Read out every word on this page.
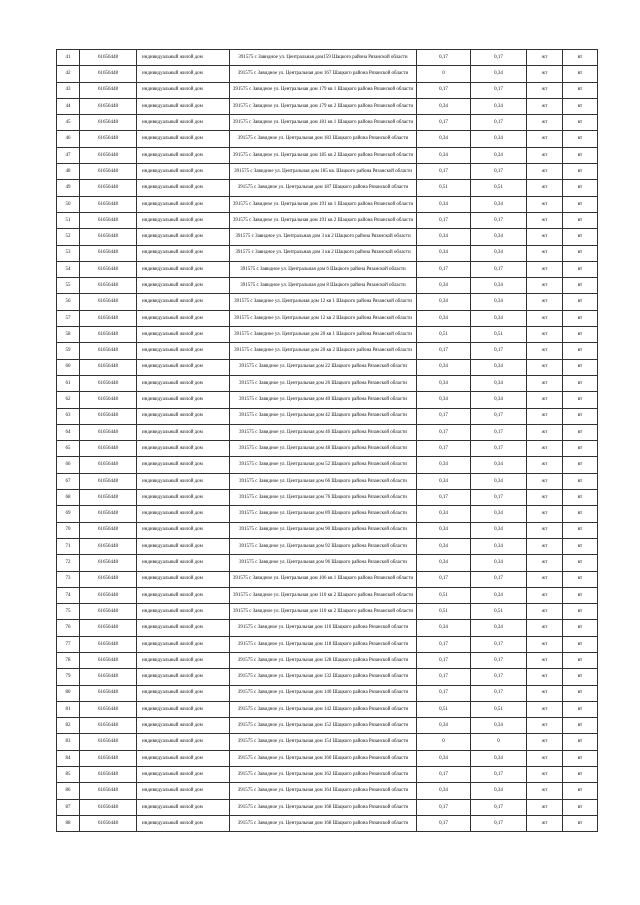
41	61656448	индивидуальный жилой дом	391575 с Завидное ул. Центральная дом159 Шацкого района Рязанской области	0,17	0,17	жт	вт
42	61656448	индивидуальный жилой дом	391575 с Завидное ул. Центральная дом 167 Шацкого района Рязанской области	0	0,34	жт	вт
43	61656448	индивидуальный жилой дом	391575 с Завидное ул. Центральная дом 179 кв 1 Шацкого района Рязанской области	0,17	0,17	жт	вт
44	61656448	индивидуальный жилой дом	391575 с Завидное ул. Центральная дом 179 кв 2 Шацкого района Рязанской области	0,34	0,34	жт	вт
45	61656448	индивидуальный жилой дом	391575 с Завидное ул. Центральная дом 181 кв 1 Шацкого района Рязанской области	0,17	0,17	жт	вт
46	61656448	индивидуальный жилой дом	391575 с Завидное ул. Центральная дом 183 Шацкого района Рязанской области	0,34	0,34	жт	вт
47	61656448	индивидуальный жилой дом	391575 с Завидное ул. Центральная дом 185 кв 2 Шацкого района Рязанской области	0,34	0,34	жт	вт
48	61656448	индивидуальный жилой дом	391575 с Завидное ул. Центральная дом 185 кв. Шацкого района Рязанской области	0,17	0,17	жт	вт
49	61656448	индивидуальный жилой дом	391575 с Завидное ул. Центральная дом 187 Шацкого района Рязанской области	0,51	0,51	жт	вт
50	61656448	индивидуальный жилой дом	391575 с Завидное ул. Центральная дом 191 кв 1 Шацкого района Рязанской области	0,34	0,34	жт	вт
51	61656448	индивидуальный жилой дом	391575 с Завидное ул. Центральная дом 191 кв 2 Шацкого района Рязанской области	0,17	0,17	жт	вт
52	61656448	индивидуальный жилой дом	391575 с Завидное ул. Центральная дом 3 кв 2 Шацкого района Рязанской области	0,34	0,34	жт	вт
53	61656448	индивидуальный жилой дом	391575 с Завидное ул. Центральная дом 3 кв 2 Шацкого района Рязанской области	0,34	0,34	жт	вт
54	61656448	индивидуальный жилой дом	391575 с Завидное ул. Центральная дом 6 Шацкого района Рязанской области	0,17	0,17	жт	вт
55	61656448	индивидуальный жилой дом	391575 с Завидное ул. Центральная дом 8 Шацкого района Рязанской области	0,34	0,34	жт	вт
56	61656448	индивидуальный жилой дом	391575 с Завидное ул. Центральная дом 12 кв 1 Шацкого района Рязанской области	0,34	0,34	жт	вт
57	61656448	индивидуальный жилой дом	391575 с Завидное ул. Центральная дом 12 кв 2 Шацкого района Рязанской области	0,34	0,34	жт	вт
58	61656448	индивидуальный жилой дом	391575 с Завидное ул. Центральная дом 20 кв 1 Шацкого района Рязанской области	0,51	0,51	жт	вт
59	61656448	индивидуальный жилой дом	391575 с Завидное ул. Центральная дом 20 кв 2 Шацкого района Рязанской области	0,17	0,17	жт	вт
60	61656448	индивидуальный жилой дом	391575 с Завидное ул. Центральная дом 22 Шацкого района Рязанской области	0,34	0,34	жт	вт
61	61656448	индивидуальный жилой дом	391575 с Завидное ул. Центральная дом 26 Шацкого района Рязанской области	0,34	0,34	жт	вт
62	61656448	индивидуальный жилой дом	391575 с Завидное ул. Центральная дом 40 Шацкого района Рязанской области	0,34	0,34	жт	вт
63	61656448	индивидуальный жилой дом	391575 с Завидное ул. Центральная дом 42 Шацкого района Рязанской области	0,17	0,17	жт	вт
64	61656448	индивидуальный жилой дом	391575 с Завидное ул. Центральная дом 46 Шацкого района Рязанской области	0,17	0,17	жт	вт
65	61656448	индивидуальный жилой дом	391575 с Завидное ул. Центральная дом 48 Шацкого района Рязанской области	0,17	0,17	жт	вт
66	61656448	индивидуальный жилой дом	391575 с Завидное ул. Центральная дом 52 Шацкого района Рязанской области	0,34	0,34	жт	вт
67	61656448	индивидуальный жилой дом	391575 с Завидное ул. Центральная дом 66 Шацкого района Рязанской области	0,34	0,34	жт	вт
68	61656448	индивидуальный жилой дом	391575 с Завидное ул. Центральная дом 76 Шацкого района Рязанской области	0,17	0,17	жт	вт
69	61656448	индивидуальный жилой дом	391575 с Завидное ул. Центральная дом 89 Шацкого района Рязанской области	0,34	0,34	жт	вт
70	61656448	индивидуальный жилой дом	391575 с Завидное ул. Центральная дом 90 Шацкого района Рязанской области	0,34	0,34	жт	вт
71	61656448	индивидуальный жилой дом	391575 с Завидное ул. Центральная дом 92 Шацкого района Рязанской области	0,34	0,34	жт	вт
72	61656448	индивидуальный жилой дом	391575 с Завидное ул. Центральная дом 96 Шацкого района Рязанской области	0,34	0,34	жт	вт
73	61656448	индивидуальный жилой дом	391575 с Завидное ул. Центральная дом 106 кв 1 Шацкого района Рязанской области	0,17	0,17	жт	вт
74	61656448	индивидуальный жилой дом	391575 с Завидное ул. Центральная дом 110 кв 2 Шацкого района Рязанской области	0,51	0,34	жт	вт
75	61656448	индивидуальный жилой дом	391575 с Завидное ул. Центральная дом 110 кв 2 Шацкого района Рязанской области	0,51	0,51	жт	вт
76	61656448	индивидуальный жилой дом	391575 с Завидное ул. Центральная дом 116 Шацкого района Рязанской области	0,34	0,34	жт	вт
77	61656448	индивидуальный жилой дом	391575 с Завидное ул. Центральная дом 118 Шацкого района Рязанской области	0,17	0,17	жт	вт
78	61656448	индивидуальный жилой дом	391575 с Завидное ул. Центральная дом 128 Шацкого района Рязанской области	0,17	0,17	жт	вт
79	61656448	индивидуальный жилой дом	391575 с Завидное ул. Центральная дом 132 Шацкого района Рязанской области	0,17	0,17	жт	вт
80	61656448	индивидуальный жилой дом	391575 с Завидное ул. Центральная дом 140 Шацкого района Рязанской области	0,17	0,17	жт	вт
81	61656448	индивидуальный жилой дом	391575 с Завидное ул. Центральная дом 142 Шацкого района Рязанской области	0,51	0,51	жт	вт
82	61656448	индивидуальный жилой дом	391575 с Завидное ул. Центральная дом 152 Шацкого района Рязанской области	0,34	0,34	жт	вт
83	61656448	индивидуальный жилой дом	391575 с Завидное ул. Центральная дом 154 Шацкого района Рязанской области	0	0	жт	вт
84	61656448	индивидуальный жилой дом	391575 с Завидное ул. Центральная дом 160 Шацкого района Рязанской области	0,34	0,34	жт	вт
85	61656448	индивидуальный жилой дом	391575 с Завидное ул. Центральная дом 162 Шацкого района Рязанской области	0,17	0,17	жт	вт
86	61656448	индивидуальный жилой дом	391575 с Завидное ул. Центральная дом 164 Шацкого района Рязанской области	0,34	0,34	жт	вт
87	61656448	индивидуальный жилой дом	391575 с Завидное ул. Центральная дом 168 Шацкого района Рязанской области	0,17	0,17	жт	вт
88	61656448	индивидуальный жилой дом	391575 с Завидное ул. Центральная дом 168 Шацкого района Рязанской области	0,17	0,17	жт	вт
